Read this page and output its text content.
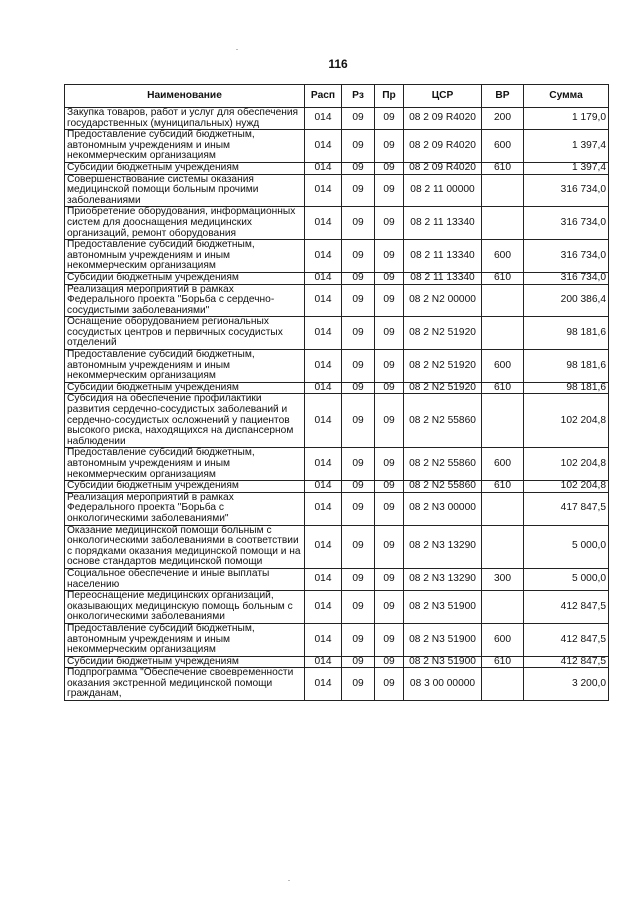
116
Наименование	Расп	Рз	Пр	ЦСР	ВР	Сумма
Закупка товаров, работ и услуг для обеспечения государственных (муниципальных) нужд	014	09	09	08 2 09 R4020	200	1 179,0
Предоставление субсидий бюджетным, автономным учреждениям и иным некоммерческим организациям	014	09	09	08 2 09 R4020	600	1 397,4
Субсидии бюджетным учреждениям	014	09	09	08 2 09 R4020	610	1 397,4
Совершенствование системы оказания медицинской помощи больным прочими заболеваниями	014	09	09	08 2 11 00000		316 734,0
Приобретение оборудования, информационных систем для дооснащения медицинских организаций, ремонт оборудования	014	09	09	08 2 11 13340		316 734,0
Предоставление субсидий бюджетным, автономным учреждениям и иным некоммерческим организациям	014	09	09	08 2 11 13340	600	316 734,0
Субсидии бюджетным учреждениям	014	09	09	08 2 11 13340	610	316 734,0
Реализация мероприятий в рамках Федерального проекта "Борьба с сердечно-сосудистыми заболеваниями"	014	09	09	08 2 N2 00000		200 386,4
Оснащение оборудованием региональных сосудистых центров и первичных сосудистых отделений	014	09	09	08 2 N2 51920		98 181,6
Предоставление субсидий бюджетным, автономным учреждениям и иным некоммерческим организациям	014	09	09	08 2 N2 51920	600	98 181,6
Субсидии бюджетным учреждениям	014	09	09	08 2 N2 51920	610	98 181,6
Субсидия на обеспечение профилактики развития сердечно-сосудистых заболеваний и сердечно-сосудистых осложнений у пациентов высокого риска, находящихся на диспансерном наблюдении	014	09	09	08 2 N2 55860		102 204,8
Предоставление субсидий бюджетным, автономным учреждениям и иным некоммерческим организациям	014	09	09	08 2 N2 55860	600	102 204,8
Субсидии бюджетным учреждениям	014	09	09	08 2 N2 55860	610	102 204,8
Реализация мероприятий в рамках Федерального проекта "Борьба с онкологическими заболеваниями"	014	09	09	08 2 N3 00000		417 847,5
Оказание медицинской помощи больным с онкологическими заболеваниями в соответствии с порядками оказания медицинской помощи и на основе стандартов медицинской помощи	014	09	09	08 2 N3 13290		5 000,0
Социальное обеспечение и иные выплаты населению	014	09	09	08 2 N3 13290	300	5 000,0
Переоснащение медицинских организаций, оказывающих медицинскую помощь больным с онкологическими заболеваниями	014	09	09	08 2 N3 51900		412 847,5
Предоставление субсидий бюджетным, автономным учреждениям и иным некоммерческим организациям	014	09	09	08 2 N3 51900	600	412 847,5
Субсидии бюджетным учреждениям	014	09	09	08 2 N3 51900	610	412 847,5
Подпрограмма "Обеспечение своевременности оказания экстренной медицинской помощи гражданам,	014	09	09	08 3 00 00000		3 200,0
